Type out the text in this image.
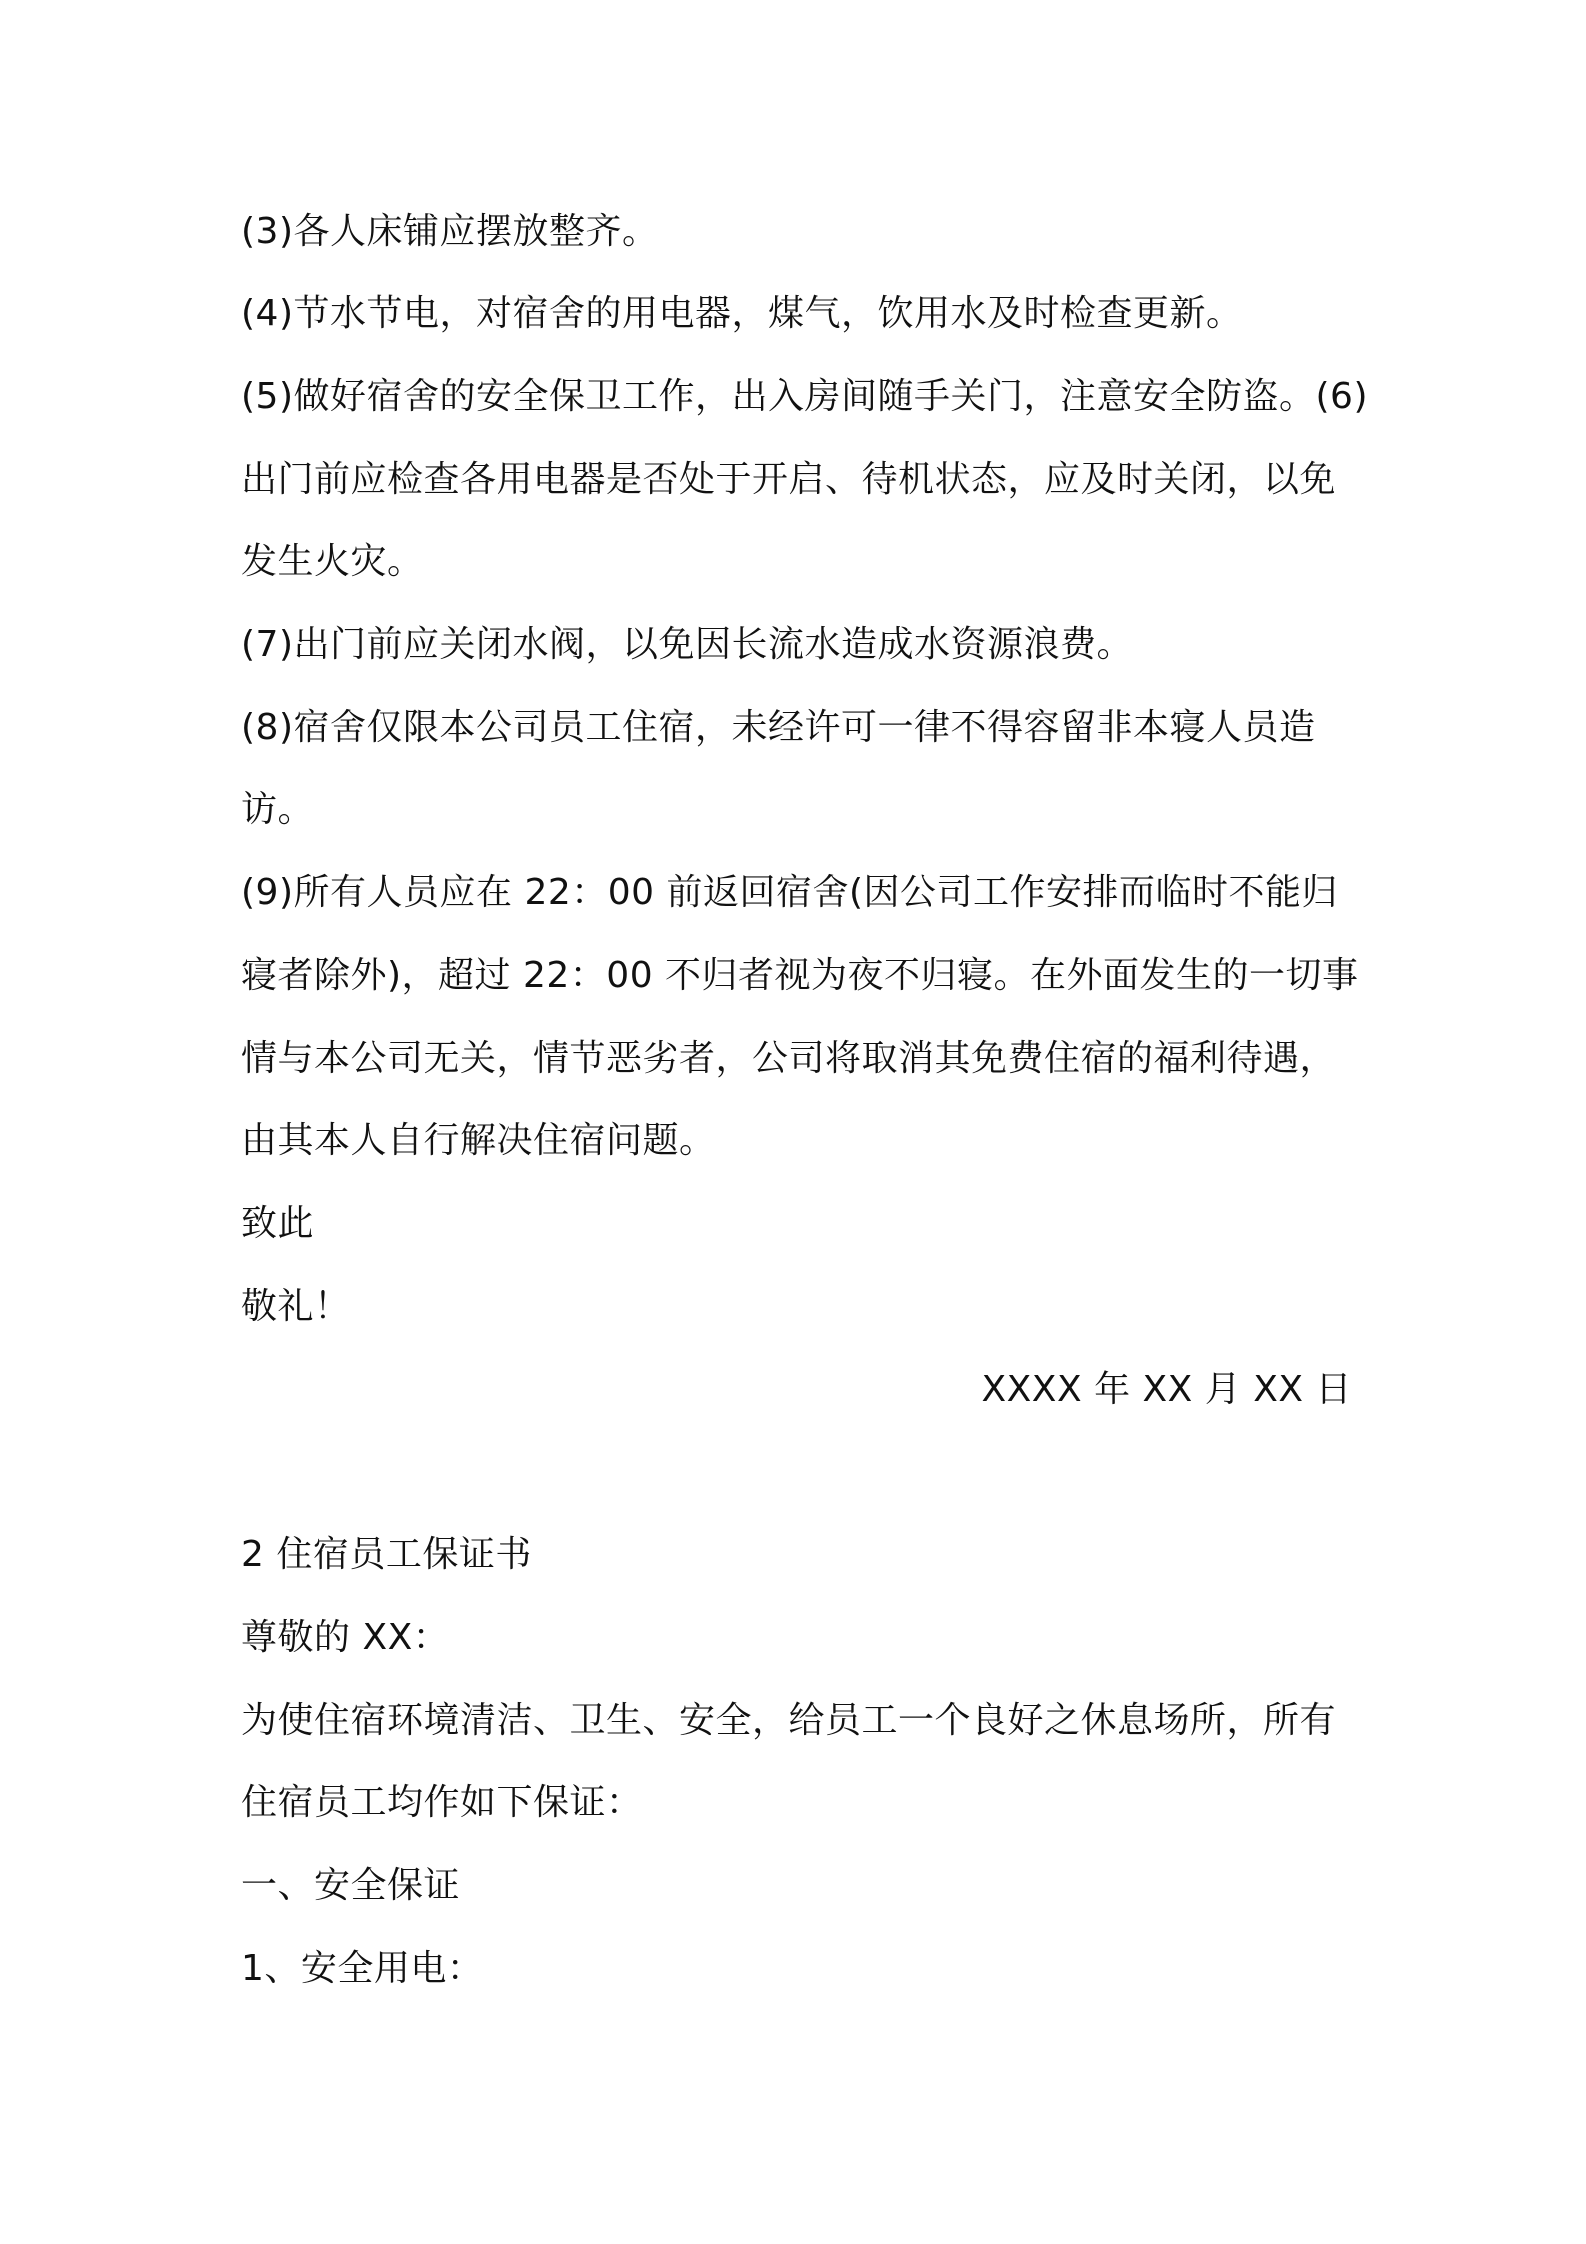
(3)各人床铺应摆放整齐。
(4)节水节电，对宿舍的用电器，煤气，饮用水及时检查更新。
(5)做好宿舍的安全保卫工作，出入房间随手关门，注意安全防盗。(6)
出门前应检查各用电器是否处于开启、待机状态，应及时关闭，以免
发生火灾。
(7)出门前应关闭水阀，以免因长流水造成水资源浪费。
(8)宿舍仅限本公司员工住宿，未经许可一律不得容留非本寝人员造
访。
(9)所有人员应在 22：00 前返回宿舍(因公司工作安排而临时不能归
寝者除外)，超过 22：00 不归者视为夜不归寝。在外面发生的一切事
情与本公司无关，情节恶劣者，公司将取消其免费住宿的福利待遇，
由其本人自行解决住宿问题。
致此
敬礼！
XXXX 年 XX 月 XX 日
2 住宿员工保证书
尊敬的 XX：
为使住宿环境清洁、卫生、安全，给员工一个良好之休息场所，所有
住宿员工均作如下保证：
一、安全保证
1、安全用电：
